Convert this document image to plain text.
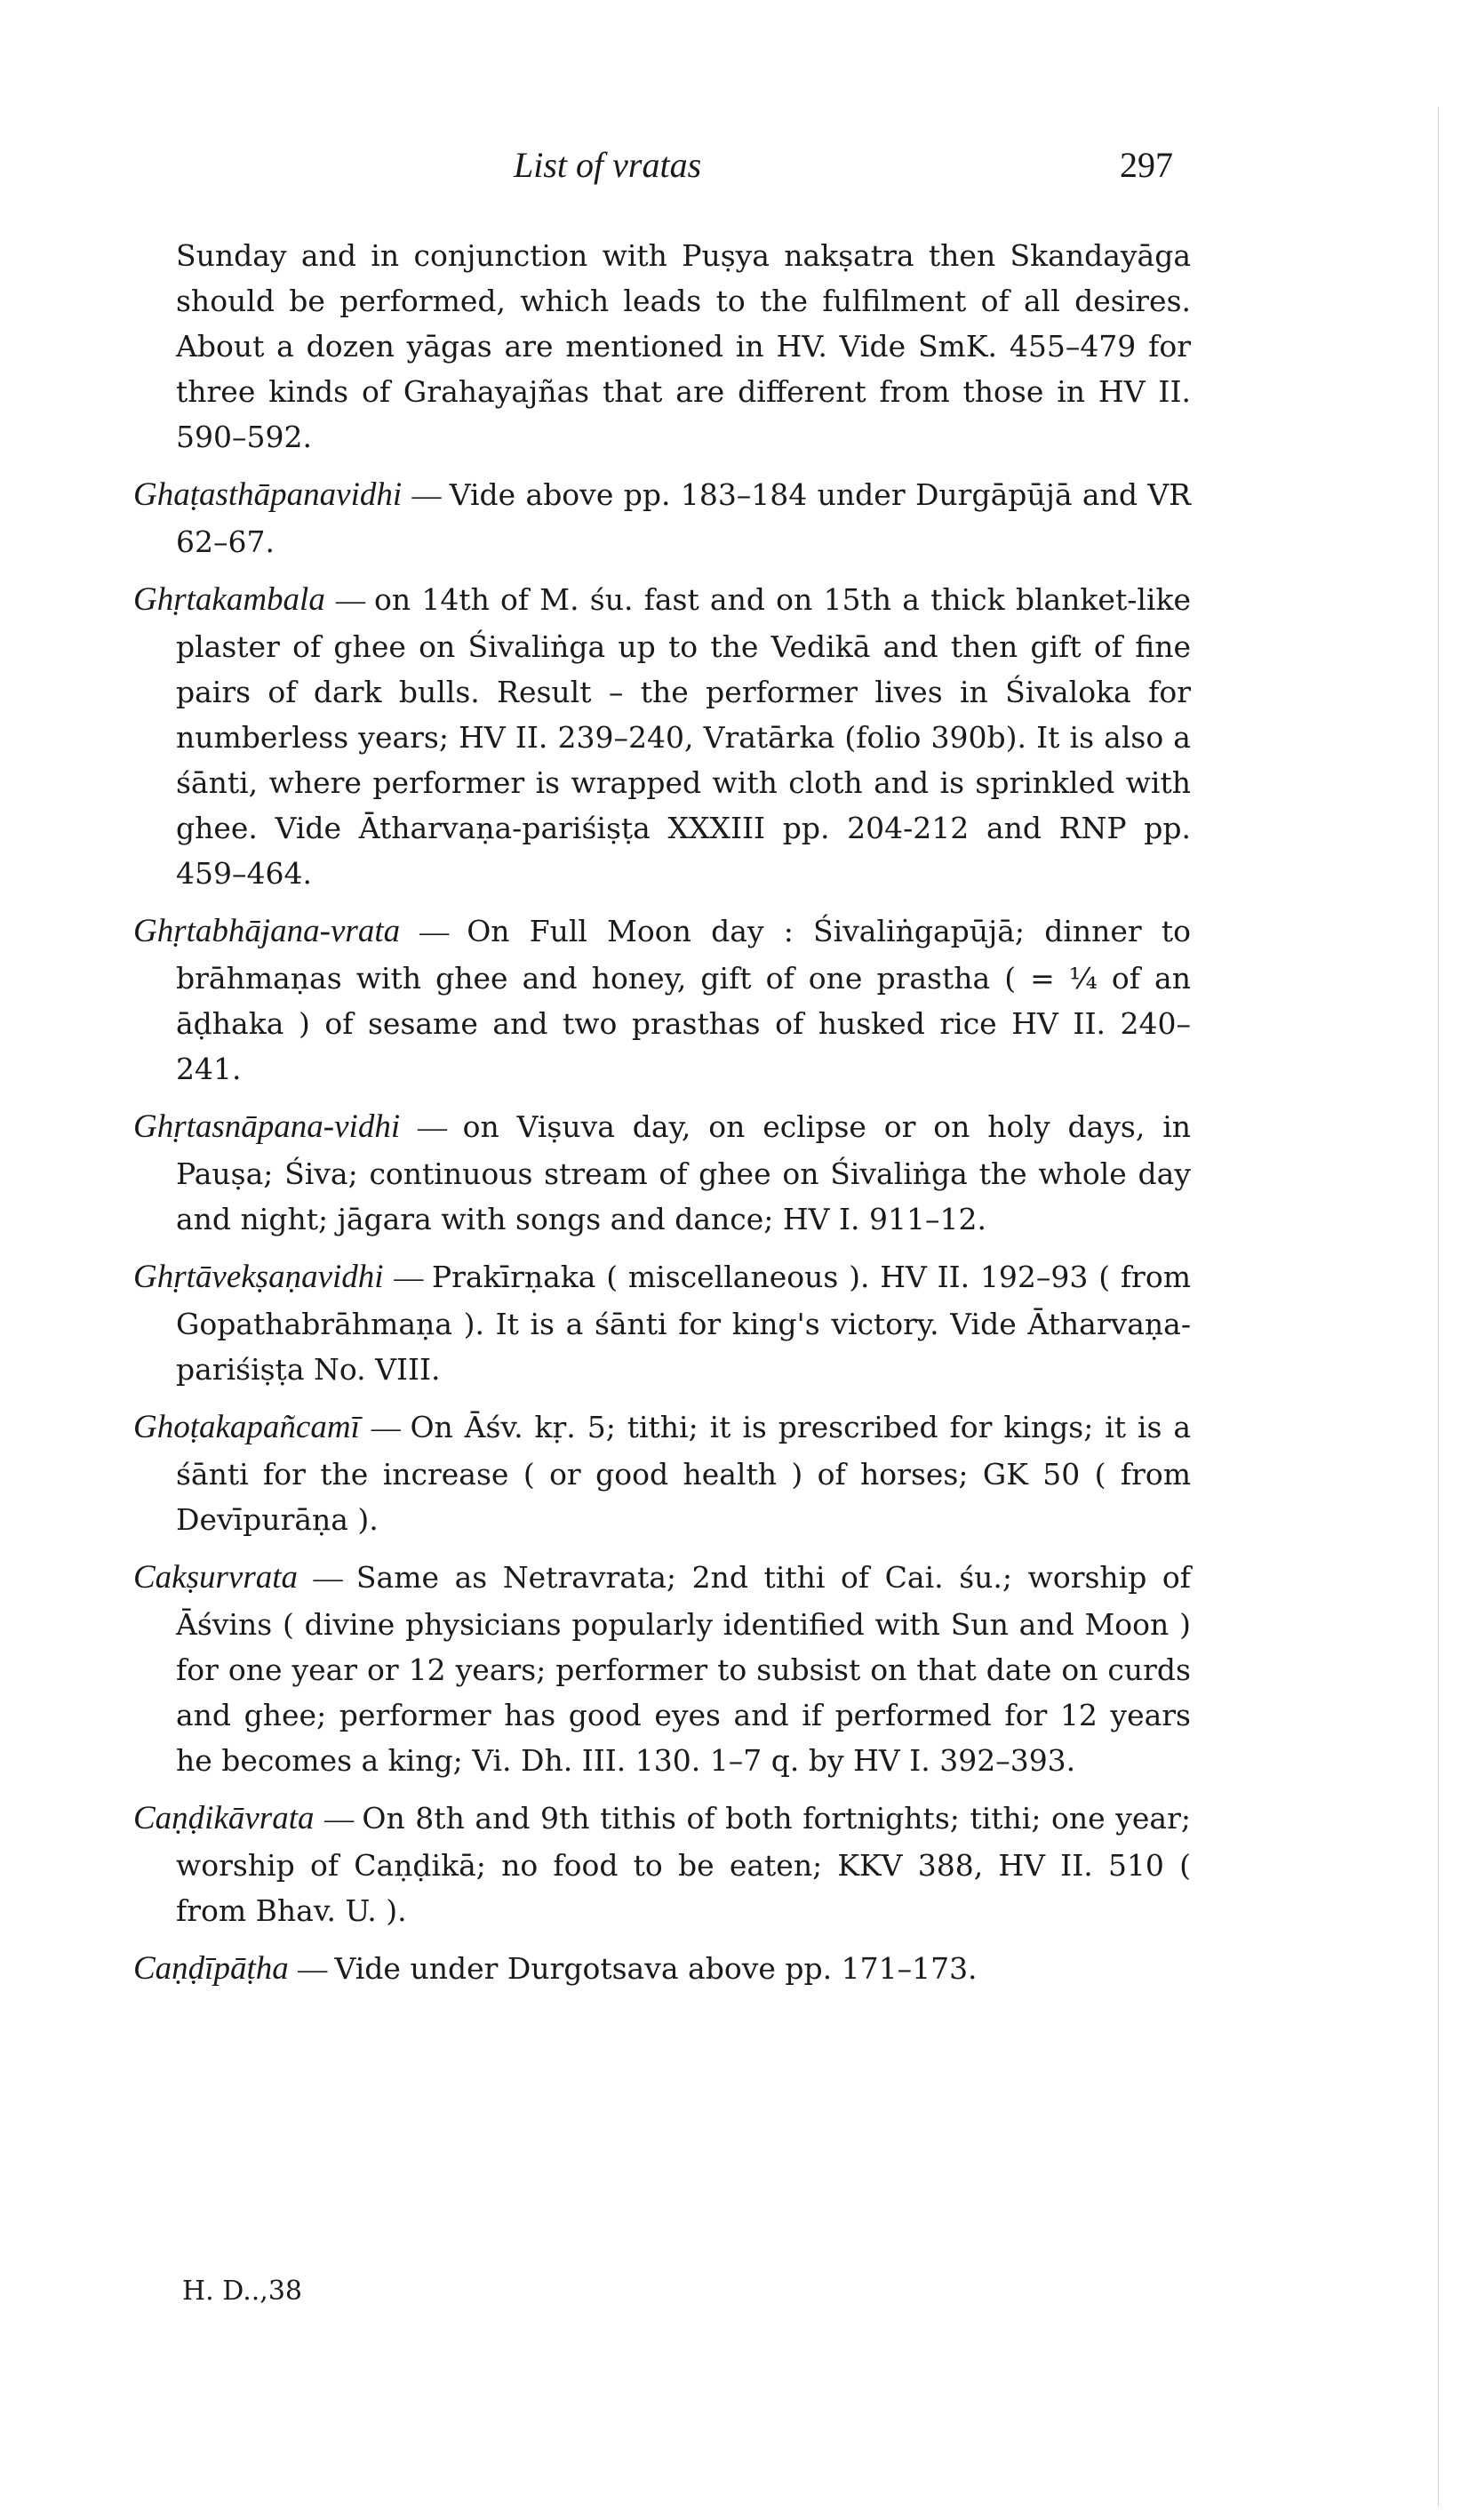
List of vratas	297
Sunday and in conjunction with Puṣya nakṣatra then Skandayāga should be performed, which leads to the fulfilment of all desires. About a dozen yāgas are mentioned in HV. Vide SmK. 455–479 for three kinds of Grahayajñas that are different from those in HV II. 590–592.
Ghaṭasthāpanavidhi — Vide above pp. 183–184 under Durgāpūjā and VR 62–67.
Ghṛtakambala — on 14th of M. śu. fast and on 15th a thick blanket-like plaster of ghee on Śivaliṅga up to the Vedikā and then gift of fine pairs of dark bulls. Result – the performer lives in Śivaloka for numberless years; HV II. 239–240, Vratārka (folio 390b). It is also a śānti, where performer is wrapped with cloth and is sprinkled with ghee. Vide Ātharvaṇa-pariśiṣṭa XXXIII pp. 204-212 and RNP pp. 459–464.
Ghṛtabhājana-vrata — On Full Moon day : Śivaliṅgapūjā; dinner to brāhmaṇas with ghee and honey, gift of one prastha ( = ¼ of an āḍhaka ) of sesame and two prasthas of husked rice HV II. 240–241.
Ghṛtasnāpana-vidhi — on Viṣuva day, on eclipse or on holy days, in Pauṣa; Śiva; continuous stream of ghee on Śivaliṅga the whole day and night; jāgara with songs and dance; HV I. 911–12.
Ghṛtāvekṣaṇavidhi — Prakīrṇaka ( miscellaneous ). HV II. 192–93 ( from Gopathabrāhmaṇa ). It is a śānti for king's victory. Vide Ātharvaṇa-pariśiṣṭa No. VIII.
Ghoṭakapañcamī — On Āśv. kṛ. 5; tithi; it is prescribed for kings; it is a śānti for the increase ( or good health ) of horses; GK 50 ( from Devīpurāṇa ).
Cakṣurvrata — Same as Netravrata; 2nd tithi of Cai. śu.; worship of Āśvins ( divine physicians popularly identified with Sun and Moon ) for one year or 12 years; performer to subsist on that date on curds and ghee; performer has good eyes and if performed for 12 years he becomes a king; Vi. Dh. III. 130. 1–7 q. by HV I. 392–393.
Caṇḍikāvrata — On 8th and 9th tithis of both fortnights; tithi; one year; worship of Caṇḍikā; no food to be eaten; KKV 388, HV II. 510 ( from Bhav. U. ).
Caṇḍīpāṭha — Vide under Durgotsava above pp. 171–173.
H. D..,38
